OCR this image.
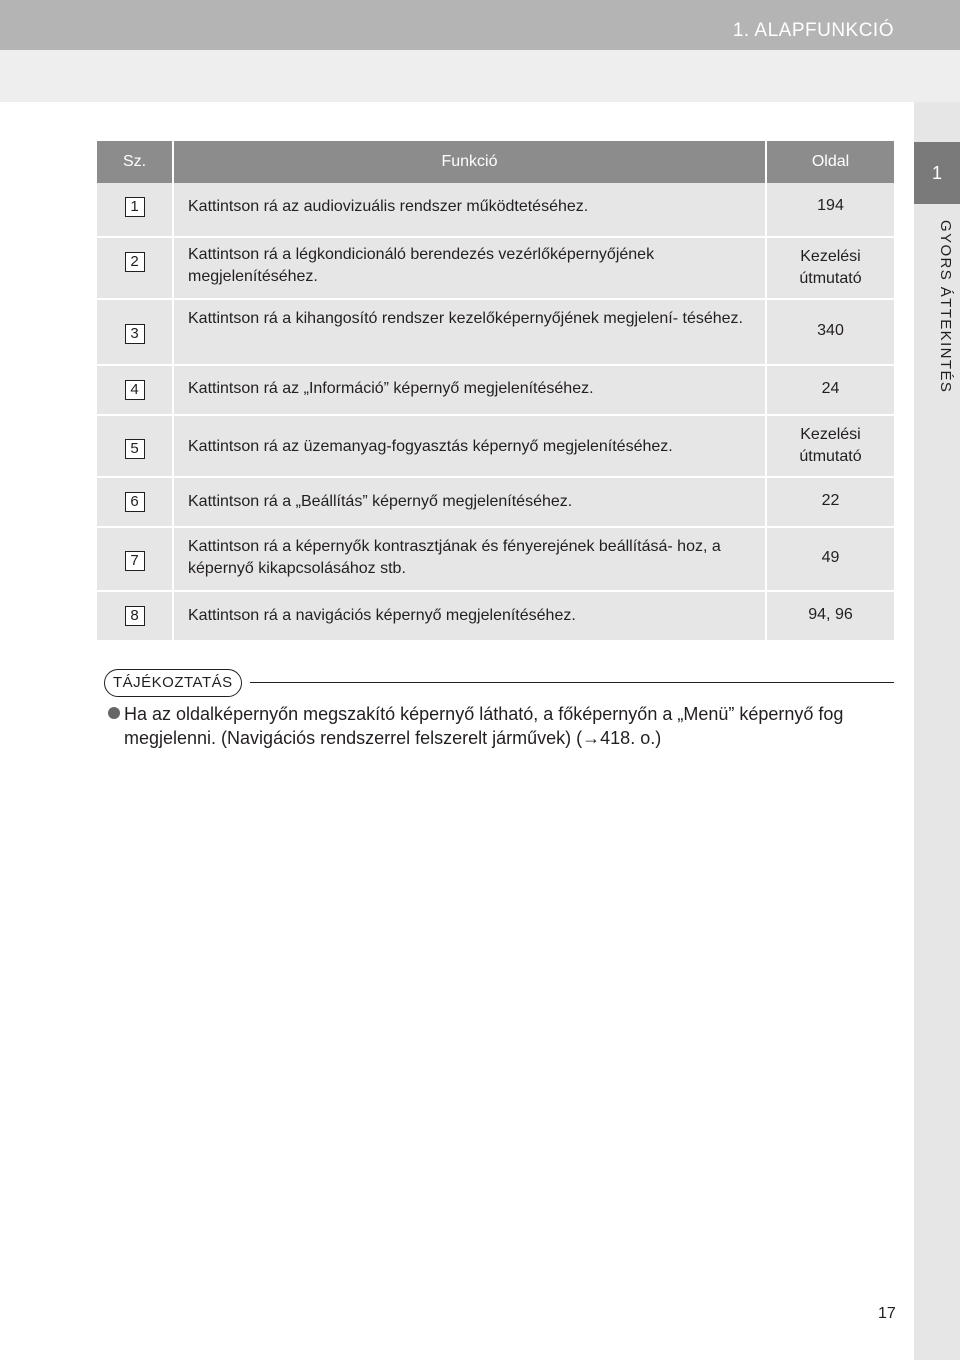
1. ALAPFUNKCIÓ
1
GYORS ÁTTEKINTÉS
Sz.	Funkció	Oldal
1	Kattintson rá az audiovizuális rendszer működtetéséhez.	194
2	Kattintson rá a légkondicionáló berendezés vezérlőképernyőjének megjelenítéséhez.	Kezelési útmutató
3	Kattintson rá a kihangosító rendszer kezelőképernyőjének megjelení- téséhez.	340
4	Kattintson rá az „Információ” képernyő megjelenítéséhez.	24
5	Kattintson rá az üzemanyag-fogyasztás képernyő megjelenítéséhez.	Kezelési útmutató
6	Kattintson rá a „Beállítás” képernyő megjelenítéséhez.	22
7	Kattintson rá a képernyők kontrasztjának és fényerejének beállításá- hoz, a képernyő kikapcsolásához stb.	49
8	Kattintson rá a navigációs képernyő megjelenítéséhez.	94, 96
TÁJÉKOZTATÁS
Ha az oldalképernyőn megszakító képernyő látható, a főképernyőn a „Menü” képernyő fog megjelenni. (Navigációs rendszerrel felszerelt járművek) (→418. o.)
17
